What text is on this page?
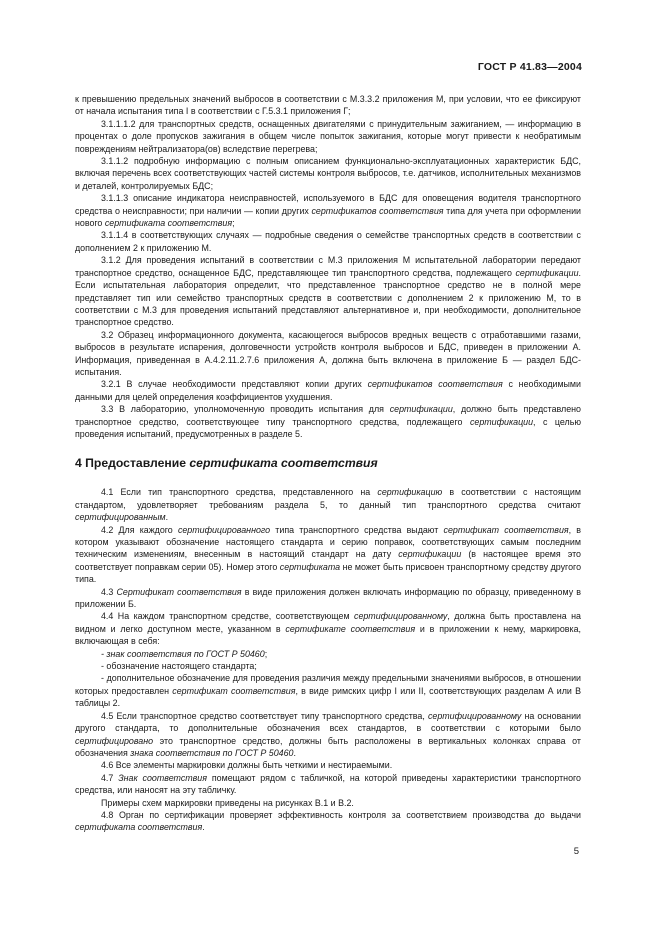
ГОСТ Р 41.83—2004

к превышению предельных значений выбросов в соответствии с М.3.3.2 приложения М, при условии, что ее фиксируют от начала испытания типа I в соответствии с Г.5.3.1 приложения Г;

3.1.1.1.2 для транспортных средств, оснащенных двигателями с принудительным зажиганием, — информацию в процентах о доле пропусков зажигания в общем числе попыток зажигания, которые могут привести к необратимым повреждениям нейтрализатора(ов) вследствие перегрева;

3.1.1.2 подробную информацию с полным описанием функционально-эксплуатационных характеристик БДС, включая перечень всех соответствующих частей системы контроля выбросов, т.е. датчиков, исполнительных механизмов и деталей, контролируемых БДС;

3.1.1.3 описание индикатора неисправностей, используемого в БДС для оповещения водителя транспортного средства о неисправности; при наличии — копии других сертификатов соответствия типа для учета при оформлении нового сертификата соответствия;

3.1.1.4 в соответствующих случаях — подробные сведения о семействе транспортных средств в соответствии с дополнением 2 к приложению М.

3.1.2 Для проведения испытаний в соответствии с М.3 приложения М испытательной лаборатории передают транспортное средство, оснащенное БДС, представляющее тип транспортного средства, подлежащего сертификации. Если испытательная лаборатория определит, что представленное транспортное средство не в полной мере представляет тип или семейство транспортных средств в соответствии с дополнением 2 к приложению М, то в соответствии с М.3 для проведения испытаний представляют альтернативное и, при необходимости, дополнительное транспортное средство.

3.2 Образец информационного документа, касающегося выбросов вредных веществ с отработавшими газами, выбросов в результате испарения, долговечности устройств контроля выбросов и БДС, приведен в приложении А. Информация, приведенная в А.4.2.11.2.7.6 приложения А, должна быть включена в приложение Б — раздел БДС-испытания.

3.2.1 В случае необходимости представляют копии других сертификатов соответствия с необходимыми данными для целей определения коэффициентов ухудшения.

3.3 В лабораторию, уполномоченную проводить испытания для сертификации, должно быть представлено транспортное средство, соответствующее типу транспортного средства, подлежащего сертификации, с целью проведения испытаний, предусмотренных в разделе 5.

4 Предоставление сертификата соответствия

4.1 Если тип транспортного средства, представленного на сертификацию в соответствии с настоящим стандартом, удовлетворяет требованиям раздела 5, то данный тип транспортного средства считают сертифицированным.

4.2 Для каждого сертифицированного типа транспортного средства выдают сертификат соответствия, в котором указывают обозначение настоящего стандарта и серию поправок, соответствующих самым последним техническим изменениям, внесенным в настоящий стандарт на дату сертификации (в настоящее время это соответствует поправкам серии 05). Номер этого сертификата не может быть присвоен транспортному средству другого типа.

4.3 Сертификат соответствия в виде приложения должен включать информацию по образцу, приведенному в приложении Б.

4.4 На каждом транспортном средстве, соответствующем сертифицированному, должна быть проставлена на видном и легко доступном месте, указанном в сертификате соответствия и в приложении к нему, маркировка, включающая в себя:

- знак соответствия по ГОСТ Р 50460;

- обозначение настоящего стандарта;

- дополнительное обозначение для проведения различия между предельными значениями выбросов, в отношении которых предоставлен сертификат соответствия, в виде римских цифр I или II, соответствующих разделам А или В таблицы 2.

4.5 Если транспортное средство соответствует типу транспортного средства, сертифицированному на основании другого стандарта, то дополнительные обозначения всех стандартов, в соответствии с которыми было сертифицировано это транспортное средство, должны быть расположены в вертикальных колонках справа от обозначения знака соответствия по ГОСТ Р 50460.

4.6 Все элементы маркировки должны быть четкими и нестираемыми.

4.7 Знак соответствия помещают рядом с табличкой, на которой приведены характеристики транспортного средства, или наносят на эту табличку.

Примеры схем маркировки приведены на рисунках В.1 и В.2.

4.8 Орган по сертификации проверяет эффективность контроля за соответствием производства до выдачи сертификата соответствия.

5
